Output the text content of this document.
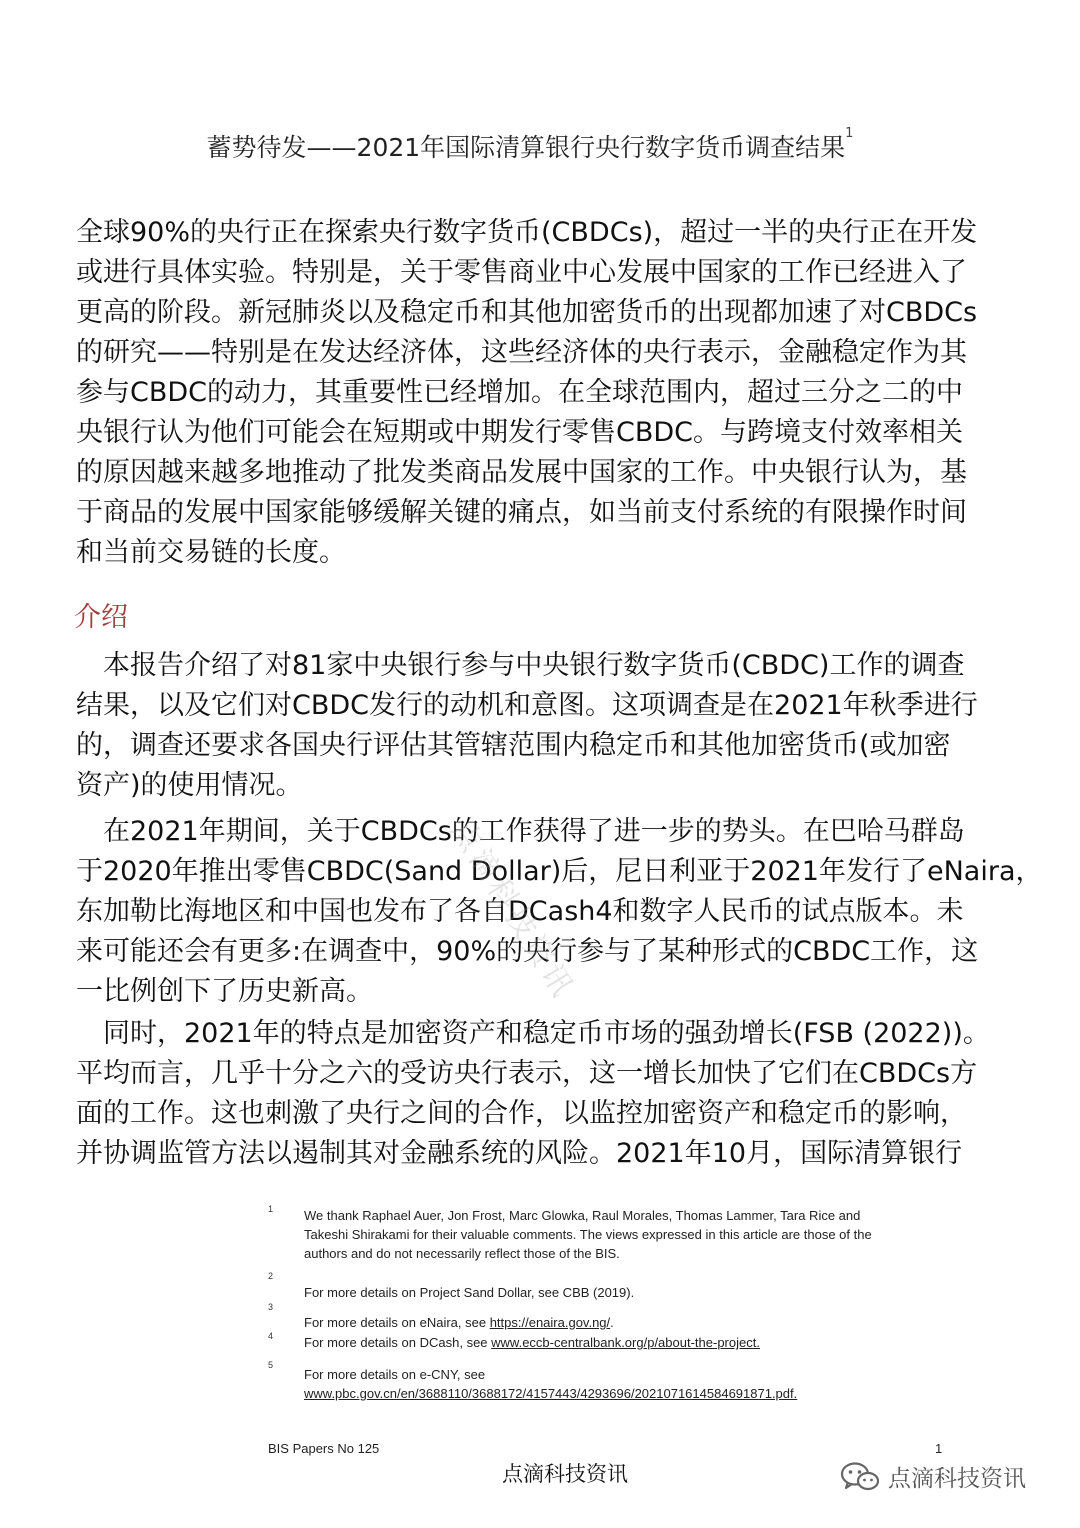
蓄势待发——2021年国际清算银行央行数字货币调查结果$^1$
全球90%的央行正在探索央行数字货币(CBDCs)，超过一半的央行正在开发
或进行具体实验。特别是，关于零售商业中心发展中国家的工作已经进入了
更高的阶段。新冠肺炎以及稳定币和其他加密货币的出现都加速了对CBDCs
的研究——特别是在发达经济体，这些经济体的央行表示，金融稳定作为其
参与CBDC的动力，其重要性已经增加。在全球范围内，超过三分之二的中
央银行认为他们可能会在短期或中期发行零售CBDC。与跨境支付效率相关
的原因越来越多地推动了批发类商品发展中国家的工作。中央银行认为，基
于商品的发展中国家能够缓解关键的痛点，如当前支付系统的有限操作时间
和当前交易链的长度。
介绍
　本报告介绍了对81家中央银行参与中央银行数字货币(CBDC)工作的调查
结果，以及它们对CBDC发行的动机和意图。这项调查是在2021年秋季进行
的，调查还要求各国央行评估其管辖范围内稳定币和其他加密货币(或加密
资产)的使用情况。
　在2021年期间，关于CBDCs的工作获得了进一步的势头。在巴哈马群岛
于2020年推出零售CBDC(Sand Dollar)后，尼日利亚于2021年发行了eNaira，
东加勒比海地区和中国也发布了各自DCash4和数字人民币的试点版本。未
来可能还会有更多:在调查中，90%的央行参与了某种形式的CBDC工作，这
一比例创下了历史新高。
　同时，2021年的特点是加密资产和稳定币市场的强劲增长(FSB (2022))。
平均而言，几乎十分之六的受访央行表示，这一增长加快了它们在CBDCs方
面的工作。这也刺激了央行之间的合作，以监控加密资产和稳定币的影响，
并协调监管方法以遏制其对金融系统的风险。2021年10月，国际清算银行
点滴科技资讯
1 We thank Raphael Auer, Jon Frost, Marc Glowka, Raul Morales, Thomas Lammer, Tara Rice and
Takeshi Shirakami for their valuable comments. The views expressed in this article are those of the
authors and do not necessarily reflect those of the BIS.
2
For more details on Project Sand Dollar, see CBB (2019).
3
For more details on eNaira, see https://enaira.gov.ng/.
4 For more details on DCash, see www.eccb-centralbank.org/p/about-the-project.
5
For more details on e-CNY, see
www.pbc.gov.cn/en/3688110/3688172/4157443/4293696/2021071614584691871.pdf.
BIS Papers No 125	1
点滴科技资讯	点滴科技资讯
